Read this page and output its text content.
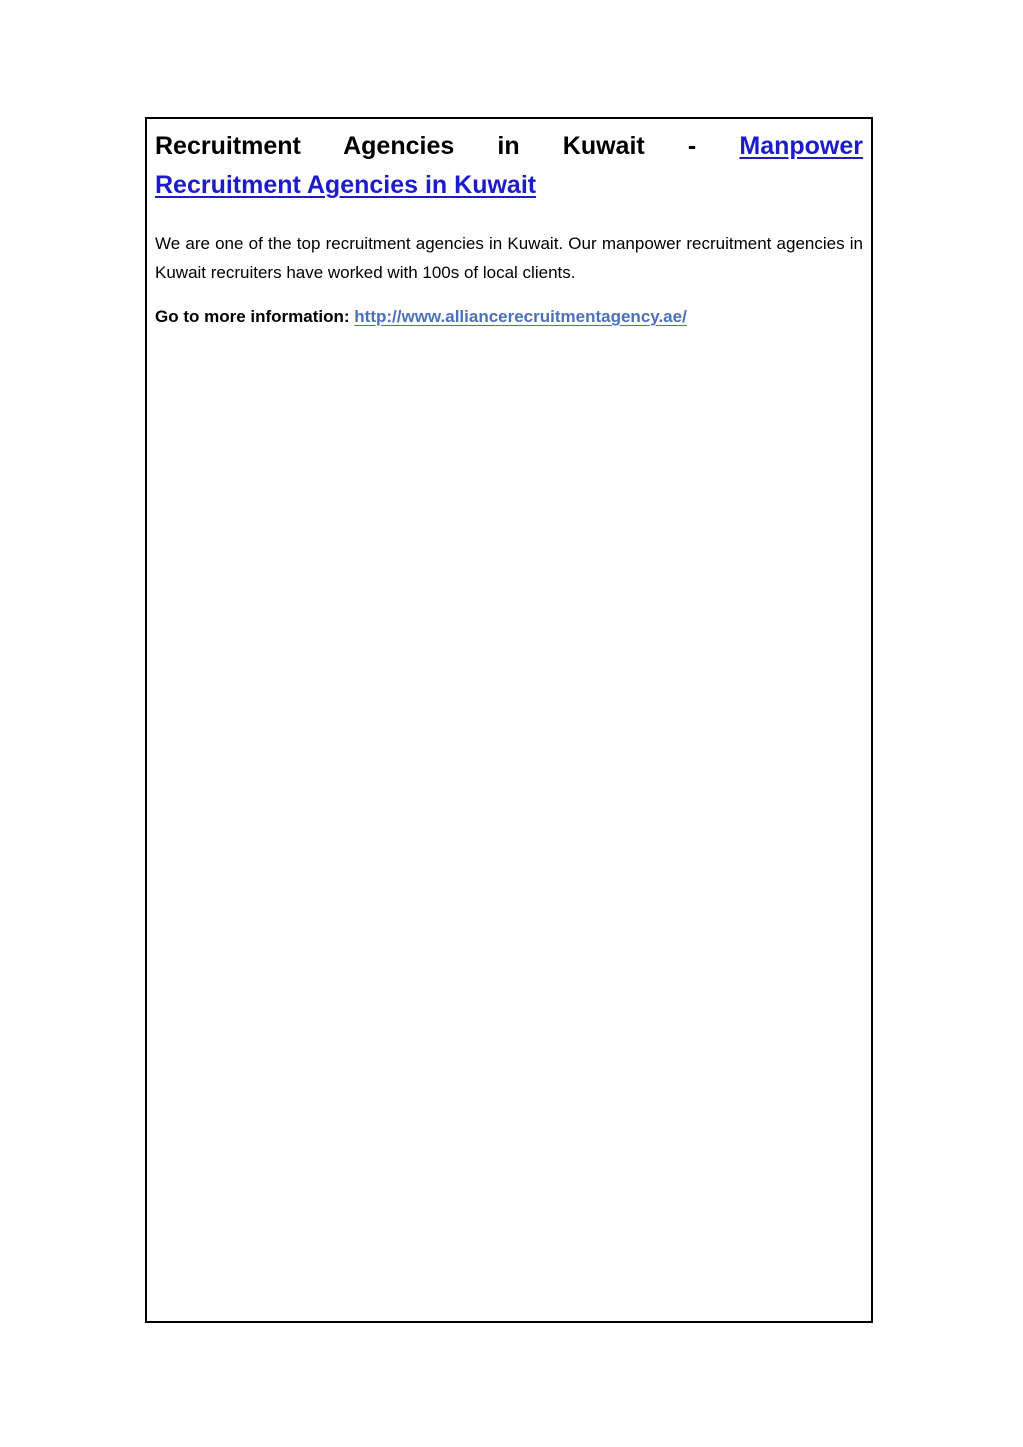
Recruitment Agencies in Kuwait - Manpower Recruitment Agencies in Kuwait

We are one of the top recruitment agencies in Kuwait. Our manpower recruitment agencies in Kuwait recruiters have worked with 100s of local clients.

Go to more information: http://www.alliancerecruitmentagency.ae/
